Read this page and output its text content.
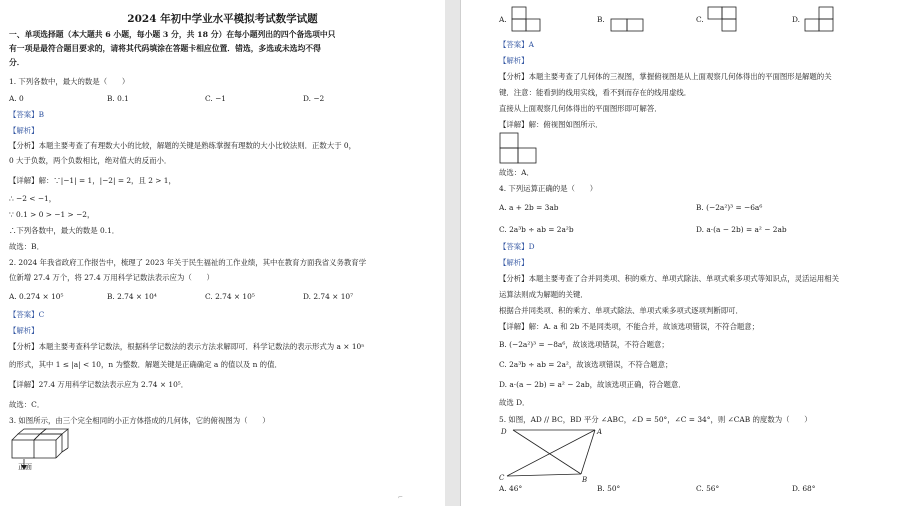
2024 年初中学业水平模拟考试数学试题
一、单项选择题（本大题共 6 小题，每小题 3 分，共 18 分）在每小题列出的四个备选项中只
有一项是最符合题目要求的，请将其代码填涂在答题卡相应位置．错选，多选或未选均不得
分．
1. 下列各数中，最大的数是（　　）
A. 0	B. 0.1	C. −1	D. −2
【答案】B
【解析】
【分析】本题主要考查了有理数大小的比较，解题的关键是熟练掌握有理数的大小比较法则．正数大于 0，
0 大于负数，两个负数相比，绝对值大的反而小．
【详解】解：∵|−1| = 1，|−2| = 2，且 2 > 1，
∴ −2 < −1，
∵ 0.1 > 0 > −1 > −2，
∴下列各数中，最大的数是 0.1．
故选：B．
2. 2024 年我省政府工作报告中，梳理了 2023 年关于民生福祉的工作业绩，其中在教育方面我省义务教育学
位新增 27.4 万个，将 27.4 万用科学记数法表示应为（　　）
A. 0.274 × 10⁵	B. 2.74 × 10⁴	C. 2.74 × 10⁵	D. 2.74 × 10⁷
【答案】C
【解析】
【分析】本题主要考查科学记数法，根据科学记数法的表示方法求解即可．科学记数法的表示形式为 a × 10ⁿ
的形式，其中 1 ≤ |a| < 10，n 为整数．解题关键是正确确定 a 的值以及 n 的值．
【详解】27.4 万用科学记数法表示应为 2.74 × 10⁵．
故选：C．
3. 如图所示，由三个完全相同的小正方体搭成的几何体，它的俯视图为（　　）
正面
⌐
A.	B.	C.	D.
【答案】A
【解析】
【分析】本题主要考查了几何体的三视图，掌握俯视图是从上面观察几何体得出的平面图形是解题的关
键．注意：能看到的线用实线，看不到而存在的线用虚线．
直接从上面观察几何体得出的平面图形即可解答．
【详解】解：俯视图如图所示．
故选：A．
4. 下列运算正确的是（　　）
A. a + 2b = 3ab	B. (−2a²)³ = −6a⁶
C. 2a³b ÷ ab = 2a²b	D. a·(a − 2b) = a² − 2ab
【答案】D
【解析】
【分析】本题主要考查了合并同类项、积的乘方、单项式除法、单项式乘多项式等知识点，灵活运用相关
运算法则成为解题的关键．
根据合并同类项、积的乘方、单项式除法、单项式乘多项式逐项判断即可．
【详解】解：A. a 和 2b 不是同类项，不能合并，故该选项错误，不符合题意；
B. (−2a²)³ = −8a⁶，故该选项错误，不符合题意；
C. 2a³b ÷ ab = 2a²，故该选项错误，不符合题意；
D. a·(a − 2b) = a² − 2ab，故该选项正确，符合题意．
故选 D．
5. 如图，AD // BC，BD 平分 ∠ABC，∠D = 50°，∠C = 34°，则 ∠CAB 的度数为（　　）
D	A
C	B
A. 46°	B. 50°	C. 56°	D. 68°
